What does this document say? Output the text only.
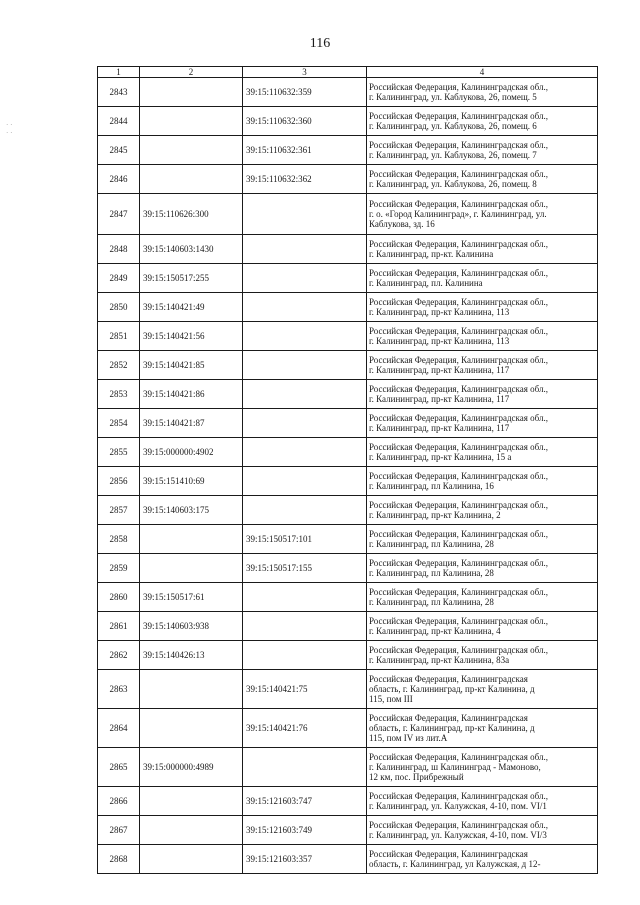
116
· ·
· ·
1	2	3	4
2843		39:15:110632:359	Российская Федерация, Калининградская обл.,
г. Калининград, ул. Каблукова, 26, помещ. 5
2844		39:15:110632:360	Российская Федерация, Калининградская обл.,
г. Калининград, ул. Каблукова, 26, помещ. 6
2845		39:15:110632:361	Российская Федерация, Калининградская обл.,
г. Калининград, ул. Каблукова, 26, помещ. 7
2846		39:15:110632:362	Российская Федерация, Калининградская обл.,
г. Калининград, ул. Каблукова, 26, помещ. 8
2847	39:15:110626:300		Российская Федерация, Калининградская обл.,
г. о. «Город Калининград», г. Калининград, ул.
Каблукова, зд. 16
2848	39:15:140603:1430		Российская Федерация, Калининградская обл.,
г. Калининград, пр-кт. Калинина
2849	39:15:150517:255		Российская Федерация, Калининградская обл.,
г. Калининград, пл. Калинина
2850	39:15:140421:49		Российская Федерация, Калининградская обл.,
г. Калининград, пр-кт Калинина, 113
2851	39:15:140421:56		Российская Федерация, Калининградская обл.,
г. Калининград, пр-кт Калинина, 113
2852	39:15:140421:85		Российская Федерация, Калининградская обл.,
г. Калининград, пр-кт Калинина, 117
2853	39:15:140421:86		Российская Федерация, Калининградская обл.,
г. Калининград, пр-кт Калинина, 117
2854	39:15:140421:87		Российская Федерация, Калининградская обл.,
г. Калининград, пр-кт Калинина, 117
2855	39:15:000000:4902		Российская Федерация, Калининградская обл.,
г. Калининград, пр-кт Калинина, 15 а
2856	39:15:151410:69		Российская Федерация, Калининградская обл.,
г. Калининград, пл Калинина, 16
2857	39:15:140603:175		Российская Федерация, Калининградская обл.,
г. Калининград, пр-кт Калинина, 2
2858		39:15:150517:101	Российская Федерация, Калининградская обл.,
г. Калининград, пл Калинина, 28
2859		39:15:150517:155	Российская Федерация, Калининградская обл.,
г. Калининград, пл Калинина, 28
2860	39:15:150517:61		Российская Федерация, Калининградская обл.,
г. Калининград, пл Калинина, 28
2861	39:15:140603:938		Российская Федерация, Калининградская обл.,
г. Калининград, пр-кт Калинина, 4
2862	39:15:140426:13		Российская Федерация, Калининградская обл.,
г. Калининград, пр-кт Калинина, 83а
2863		39:15:140421:75	Российская Федерация, Калининградская
область, г. Калининград, пр-кт Калинина, д
115, пом III
2864		39:15:140421:76	Российская Федерация, Калининградская
область, г. Калининград, пр-кт Калинина, д
115, пом IV из лит.А
2865	39:15:000000:4989		Российская Федерация, Калининградская обл.,
г. Калининград, ш Калининград - Мамоново,
12 км, пос. Прибрежный
2866		39:15:121603:747	Российская Федерация, Калининградская обл.,
г. Калининград, ул. Калужская, 4-10, пом. VI/1
2867		39:15:121603:749	Российская Федерация, Калининградская обл.,
г. Калининград, ул. Калужская, 4-10, пом. VI/3
2868		39:15:121603:357	Российская Федерация, Калининградская
область, г. Калининград, ул Калужская, д 12-
